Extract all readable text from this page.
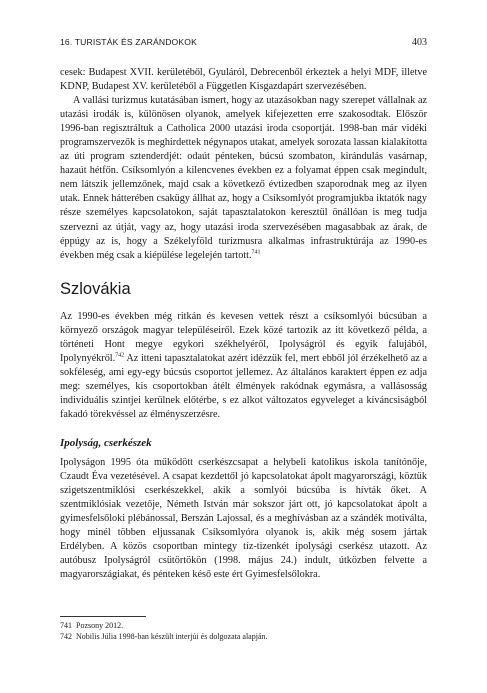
16. TURISTÁK ÉS ZARÁNDOKOK	403

cesek: Budapest XVII. kerületéből, Gyuláról, Debrecenből érkeztek a helyi MDF, illetve KDNP, Budapest XV. kerületéből a Független Kisgazdapárt szervezésében.

A vallási turizmus kutatásában ismert, hogy az utazásokban nagy szerepet vállalnak az utazási irodák is, különösen olyanok, amelyek kifejezetten erre szakosodtak. Először 1996-ban regisztráltuk a Catholica 2000 utazási iroda csoportját. 1998-ban már vidéki programszervezők is meghirdettek négynapos utakat, amelyek sorozata lassan kialakította az úti program sztenderdjét: odaút pénteken, búcsú szombaton, kirándulás vasárnap, hazaút hétfőn. Csíksomlyón a kilencvenes években ez a folyamat éppen csak megindult, nem látszik jellemzőnek, majd csak a következő évtizedben szaporodnak meg az ilyen utak. Ennek hátterében csakügy állhat az, hogy a Csíksomlyót programjukba iktatók nagy része személyes kapcsolatokon, saját tapasztalatokon keresztül önállóan is meg tudja szervezni az útját, vagy az, hogy utazási iroda szervezésében magasabbak az árak, de éppúgy az is, hogy a Székelyföld turizmusra alkalmas infrastruktúrája az 1990-es években még csak a kiépülése legelején tartott.$^{741}$

Szlovákia

Az 1990-es években még ritkán és kevesen vettek részt a csíksomlyói búcsúban a környező országok magyar településeiről. Ezek közé tartozik az itt következő példa, a történeti Hont megye egykori székhelyéről, Ipolyságról és egyik falujából, Ipolynyékről.$^{742}$ Az itteni tapasztalatokat azért idézzük fel, mert ebből jól érzékelhető az a sokféleség, ami egy-egy búcsús csoportot jellemez. Az általános karaktert éppen ez adja meg: személyes, kis csoportokban átélt élmények rakódnak egymásra, a vallásosság individuális szintjei kerülnek előtérbe, s ez alkot változatos egyveleget a kíváncsiságból fakadó törekvéssel az élményszerzésre.

Ipolyság, cserkészek

Ipolyságon 1995 óta működött cserkészcsapat a helybeli katolikus iskola tanítónője, Czaudt Éva vezetésével. A csapat kezdettől jó kapcsolatokat ápolt magyarországi, köztük szigetszentmiklósi cserkészekkel, akik a somlyói búcsúba is hívták őket. A szentmiklósiak vezetője, Németh István már sokszor járt ott, jó kapcsolatokat ápolt a gyimesfelsőloki plébánossal, Berszán Lajossal, és a meghívásban az a szándék motiválta, hogy minél többen eljussanak Csíksomlyóra olyanok is, akik még sosem jártak Erdélyben. A közös csoportban mintegy tíz-tizenkét ipolysági cserkész utazott. Az autóbusz Ipolyságról csütörtökön (1998. május 24.) indult, útközben felvette a magyarországiakat, és pénteken késő este ért Gyimesfelsőlokra.

741 Pozsony 2012.
742 Nobilis Júlia 1998-ban készült interjúi és dolgozata alapján.
